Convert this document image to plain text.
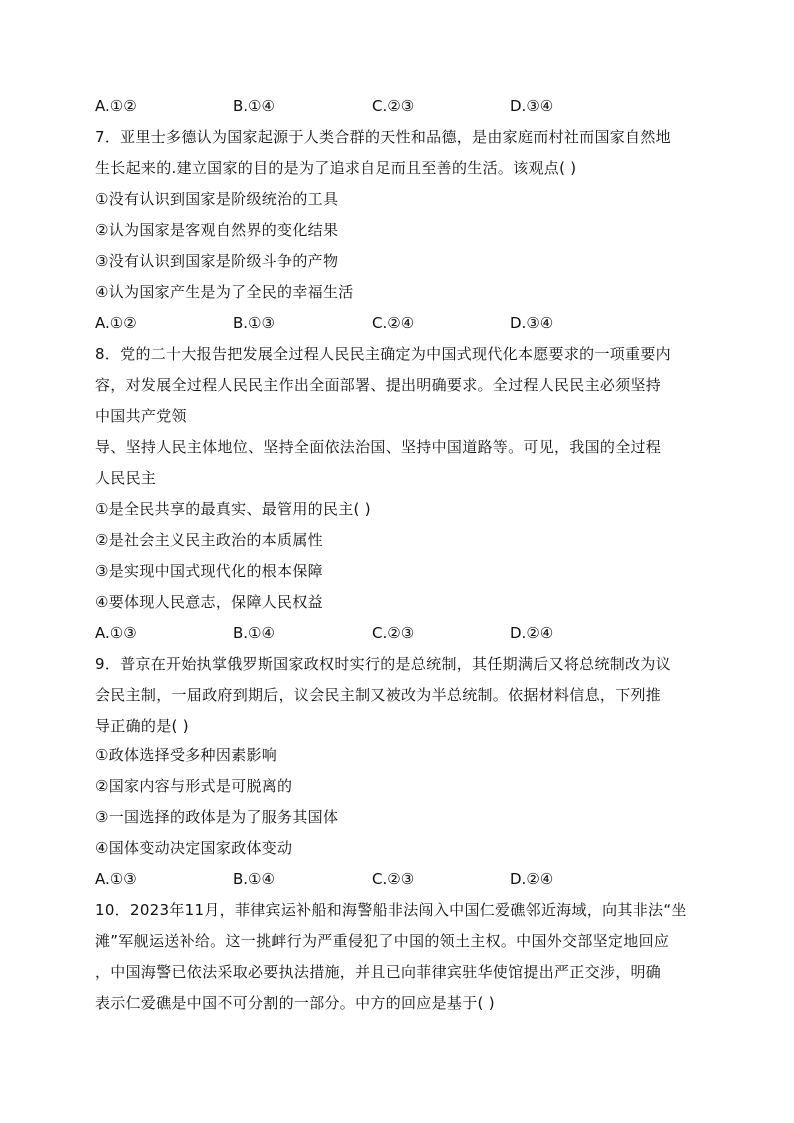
A.①②	B.①④	C.②③	D.③④
7．亚里士多德认为国家起源于人类合群的天性和品德，是由家庭而村社而国家自然地
生长起来的.建立国家的目的是为了追求自足而且至善的生活。该观点( )
①没有认识到国家是阶级统治的工具
②认为国家是客观自然界的变化结果
③没有认识到国家是阶级斗争的产物
④认为国家产生是为了全民的幸福生活
A.①②	B.①③	C.②④	D.③④
8．党的二十大报告把发展全过程人民民主确定为中国式现代化本愿要求的一项重要内
容，对发展全过程人民民主作出全面部署、提出明确要求。全过程人民民主必须坚持
中国共产党领
导、坚持人民主体地位、坚持全面依法治国、坚持中国道路等。可见，我国的全过程
人民民主
①是全民共享的最真实、最管用的民主( )
②是社会主义民主政治的本质属性
③是实现中国式现代化的根本保障
④要体现人民意志，保障人民权益
A.①③	B.①④	C.②③	D.②④
9．普京在开始执掌俄罗斯国家政权时实行的是总统制，其任期满后又将总统制改为议
会民主制，一届政府到期后，议会民主制又被改为半总统制。依据材料信息，下列推
导正确的是( )
①政体选择受多种因素影响
②国家内容与形式是可脱离的
③一国选择的政体是为了服务其国体
④国体变动决定国家政体变动
A.①③	B.①④	C.②③	D.②④
10．2023年11月，菲律宾运补船和海警船非法闯入中国仁爱礁邻近海域，向其非法“坐
滩”军舰运送补给。这一挑衅行为严重侵犯了中国的领土主权。中国外交部坚定地回应
，中国海警已依法采取必要执法措施，并且已向菲律宾驻华使馆提出严正交涉，明确
表示仁爱礁是中国不可分割的一部分。中方的回应是基于( )
